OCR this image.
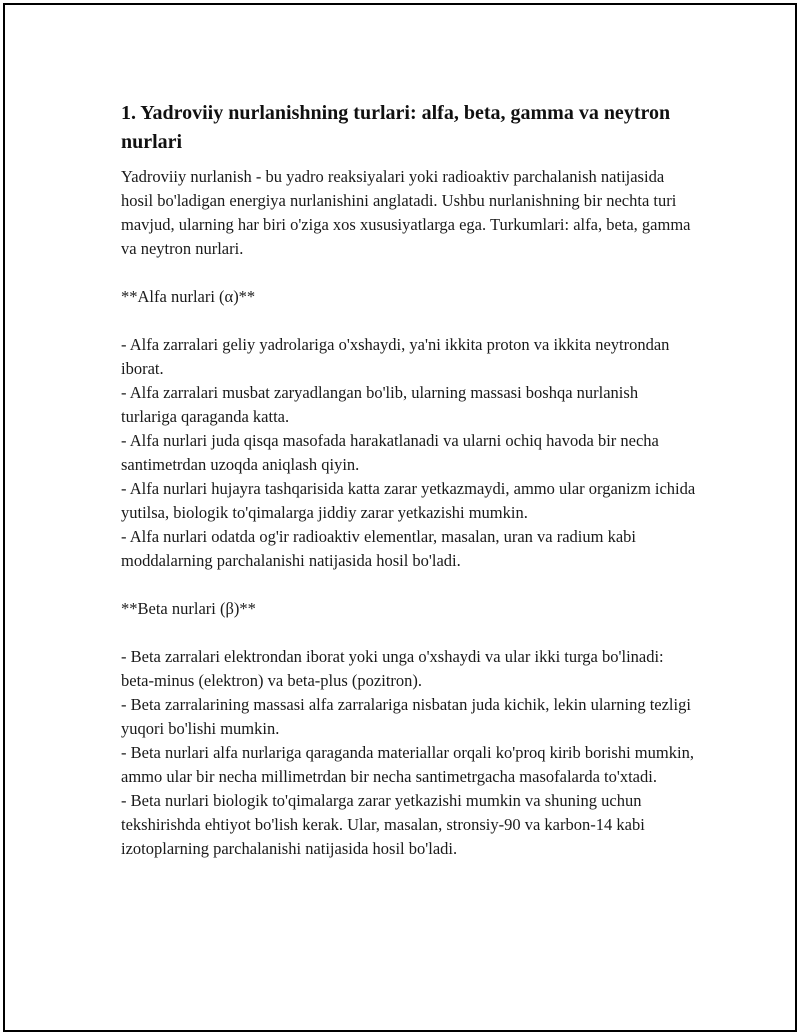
1. Yadroviiy nurlanishning turlari: alfa, beta, gamma va neytron nurlari

Yadroviiy nurlanish - bu yadro reaksiyalari yoki radioaktiv parchalanish natijasida hosil bo'ladigan energiya nurlanishini anglatadi. Ushbu nurlanishning bir nechta turi mavjud, ularning har biri o'ziga xos xususiyatlarga ega. Turkumlari: alfa, beta, gamma va neytron nurlari.

**Alfa nurlari (α)**

- Alfa zarralari geliy yadrolariga o'xshaydi, ya'ni ikkita proton va ikkita neytrondan iborat.
- Alfa zarralari musbat zaryadlangan bo'lib, ularning massasi boshqa nurlanish turlariga qaraganda katta.
- Alfa nurlari juda qisqa masofada harakatlanadi va ularni ochiq havoda bir necha santimetrdan uzoqda aniqlash qiyin.
- Alfa nurlari hujayra tashqarisida katta zarar yetkazmaydi, ammo ular organizm ichida yutilsa, biologik to'qimalarga jiddiy zarar yetkazishi mumkin.
- Alfa nurlari odatda og'ir radioaktiv elementlar, masalan, uran va radium kabi moddalarning parchalanishi natijasida hosil bo'ladi.

**Beta nurlari (β)**

- Beta zarralari elektrondan iborat yoki unga o'xshaydi va ular ikki turga bo'linadi: beta-minus (elektron) va beta-plus (pozitron).
- Beta zarralarining massasi alfa zarralariga nisbatan juda kichik, lekin ularning tezligi yuqori bo'lishi mumkin.
- Beta nurlari alfa nurlariga qaraganda materiallar orqali ko'proq kirib borishi mumkin, ammo ular bir necha millimetrdan bir necha santimetrgacha masofalarda to'xtadi.
- Beta nurlari biologik to'qimalarga zarar yetkazishi mumkin va shuning uchun tekshirishda ehtiyot bo'lish kerak. Ular, masalan, stronsiy-90 va karbon-14 kabi izotoplarning parchalanishi natijasida hosil bo'ladi.
